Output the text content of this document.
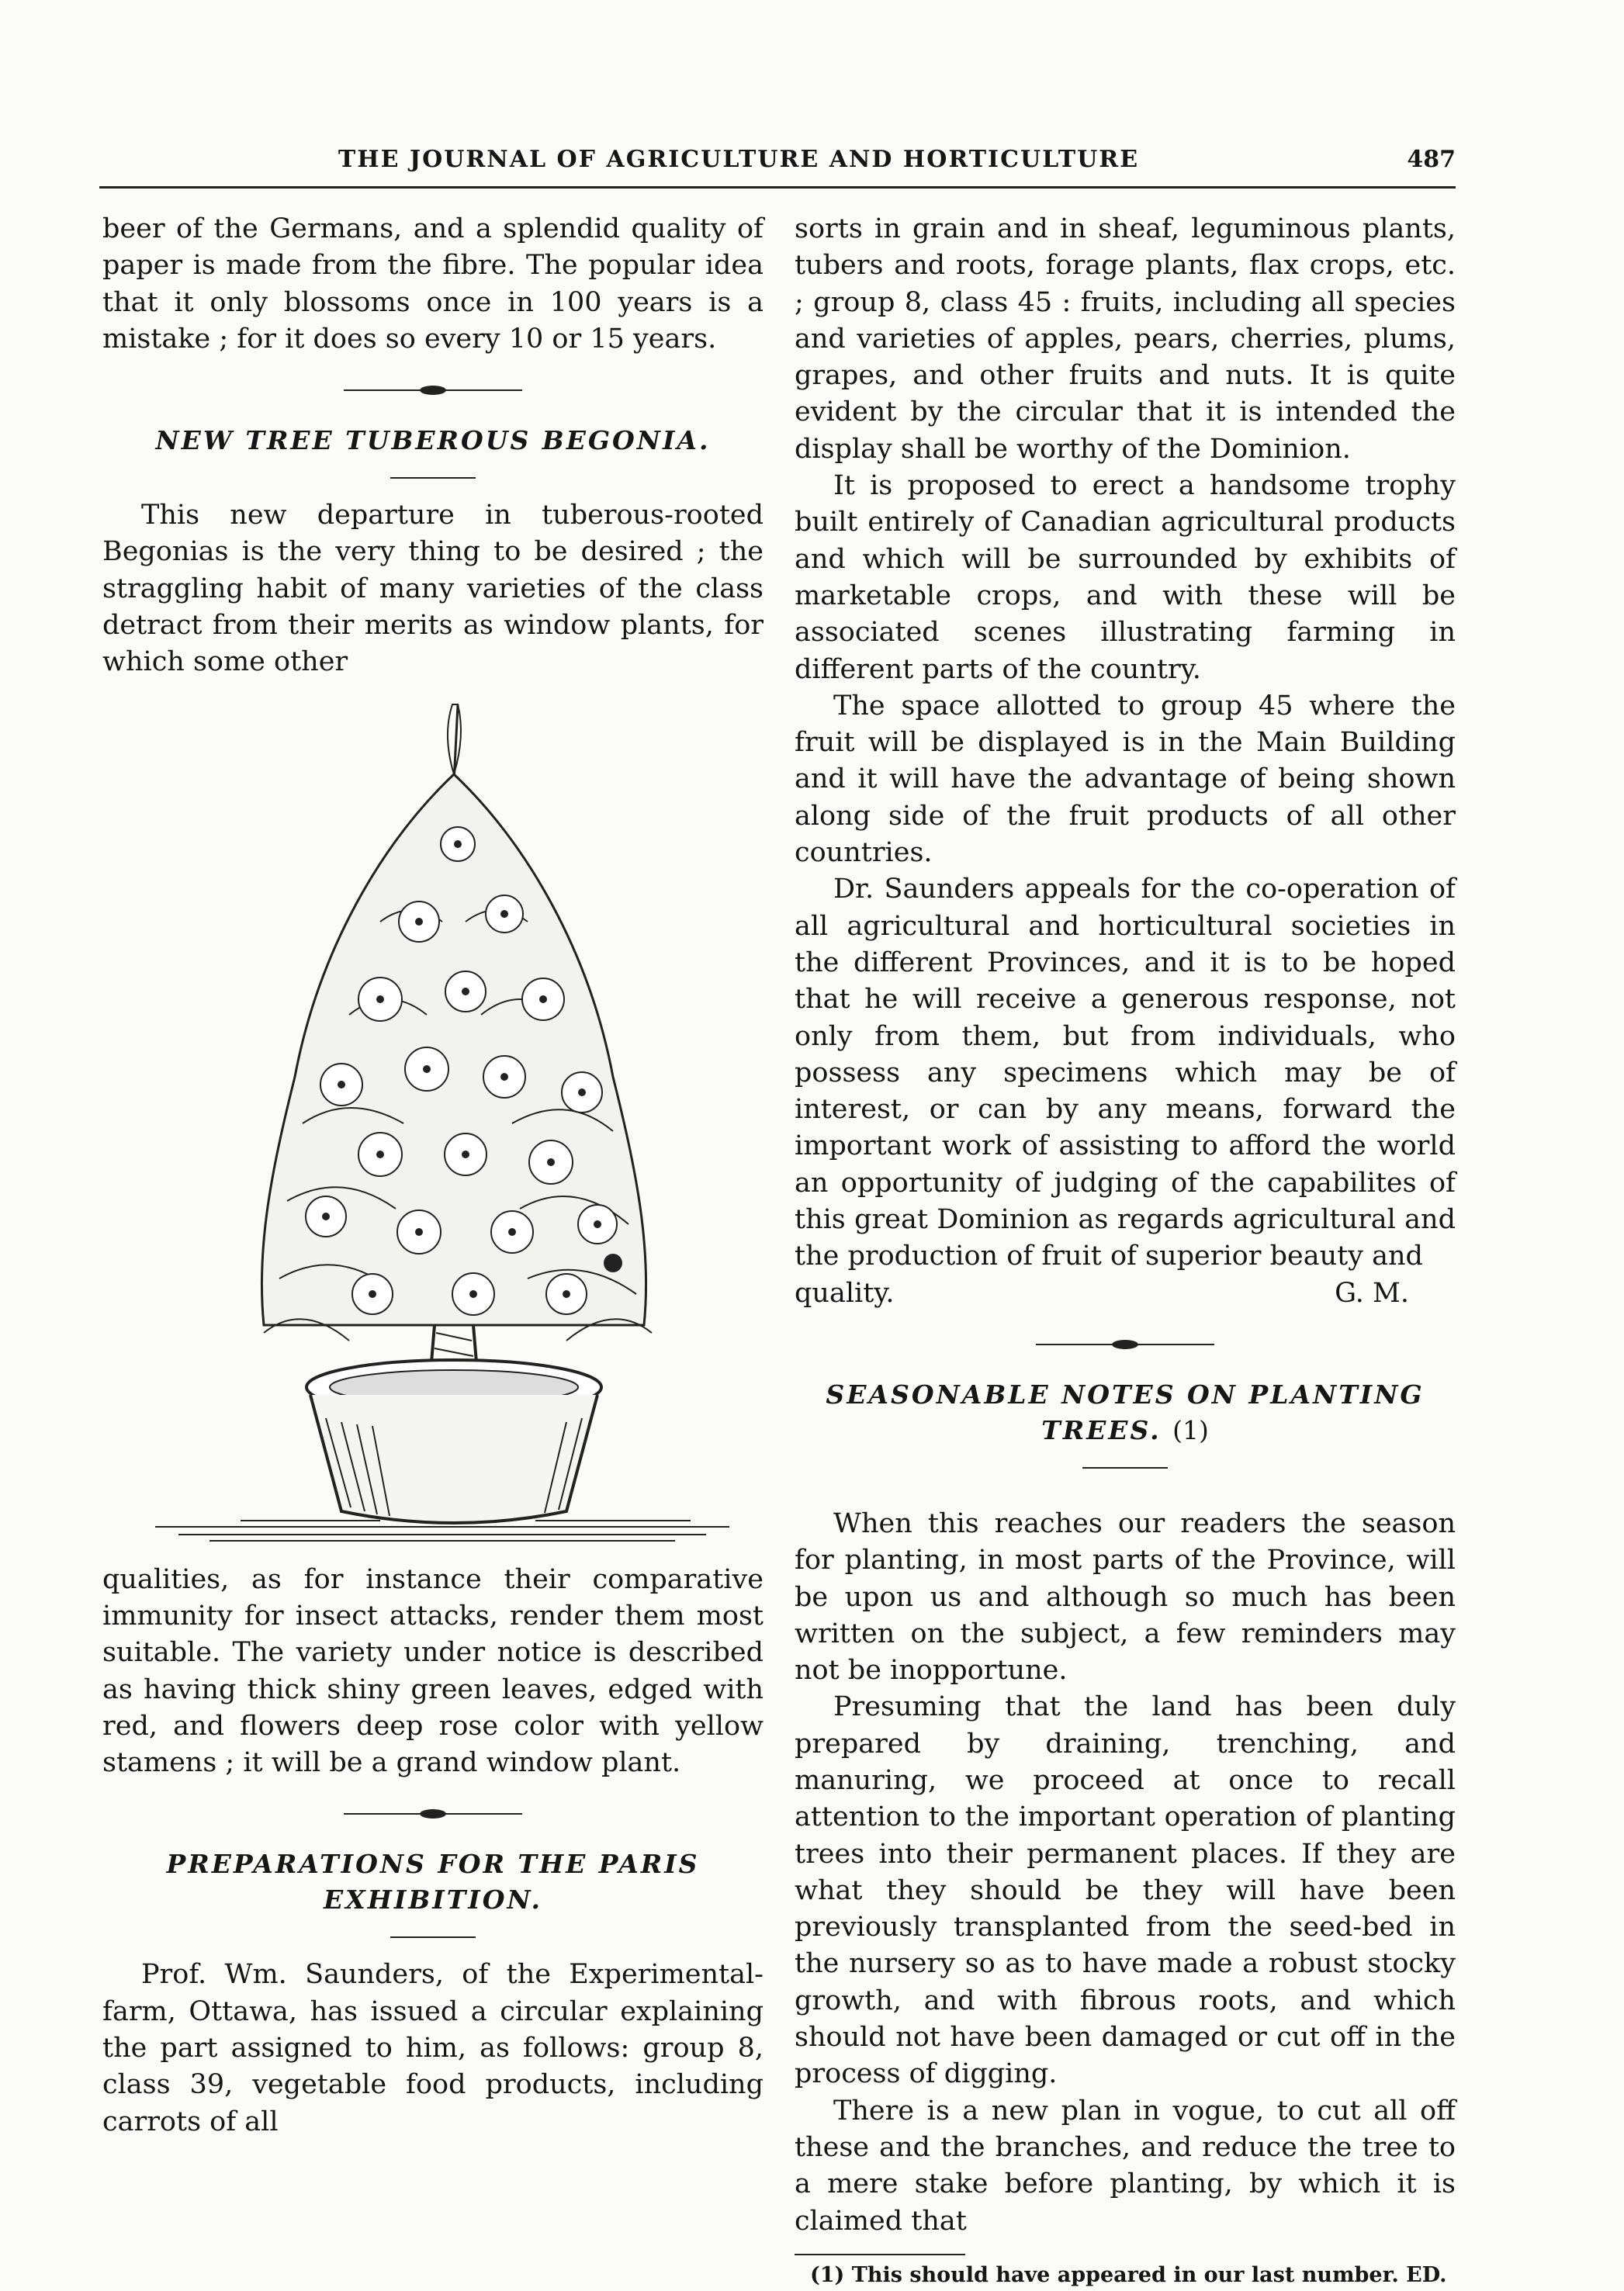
THE JOURNAL OF AGRICULTURE AND HORTICULTURE	487

beer of the Germans, and a splendid quality of paper is made from the fibre. The popular idea that it only blossoms once in 100 years is a mistake ; for it does so every 10 or 15 years.

NEW TREE TUBEROUS BEGONIA.

This new departure in tuberous-rooted Begonias is the very thing to be desired ; the straggling habit of many varieties of the class detract from their merits as window plants, for which some other
qualities, as for instance their comparative immunity for insect attacks, render them most suitable. The variety under notice is described as having thick shiny green leaves, edged with red, and flowers deep rose color with yellow stamens ; it will be a grand window plant.

PREPARATIONS FOR THE PARIS
EXHIBITION.

Prof. Wm. Saunders, of the Experimental-farm, Ottawa, has issued a circular explaining the part assigned to him, as follows: group 8, class 39, vegetable food products, including carrots of all

sorts in grain and in sheaf, leguminous plants, tubers and roots, forage plants, flax crops, etc. ; group 8, class 45 : fruits, including all species and varieties of apples, pears, cherries, plums, grapes, and other fruits and nuts. It is quite evident by the circular that it is intended the display shall be worthy of the Dominion.

It is proposed to erect a handsome trophy built entirely of Canadian agricultural products and which will be surrounded by exhibits of marketable crops, and with these will be associated scenes illustrating farming in different parts of the country.

The space allotted to group 45 where the fruit will be displayed is in the Main Building and it will have the advantage of being shown along side of the fruit products of all other countries.

Dr. Saunders appeals for the co-operation of all agricultural and horticultural societies in the different Provinces, and it is to be hoped that he will receive a generous response, not only from them, but from individuals, who possess any specimens which may be of interest, or can by any means, forward the important work of assisting to afford the world an opportunity of judging of the capabilites of this great Dominion as regards agricultural and the production of fruit of superior beauty and

quality.	G. M.
SEASONABLE NOTES ON PLANTING
TREES. (1)

When this reaches our readers the season for planting, in most parts of the Province, will be upon us and although so much has been written on the subject, a few reminders may not be inopportune.

Presuming that the land has been duly prepared by draining, trenching, and manuring, we proceed at once to recall attention to the important operation of planting trees into their permanent places. If they are what they should be they will have been previously transplanted from the seed-bed in the nursery so as to have made a robust stocky growth, and with fibrous roots, and which should not have been damaged or cut off in the process of digging.

There is a new plan in vogue, to cut all off these and the branches, and reduce the tree to a mere stake before planting, by which it is claimed that

(1) This should have appeared in our last number. ED.
